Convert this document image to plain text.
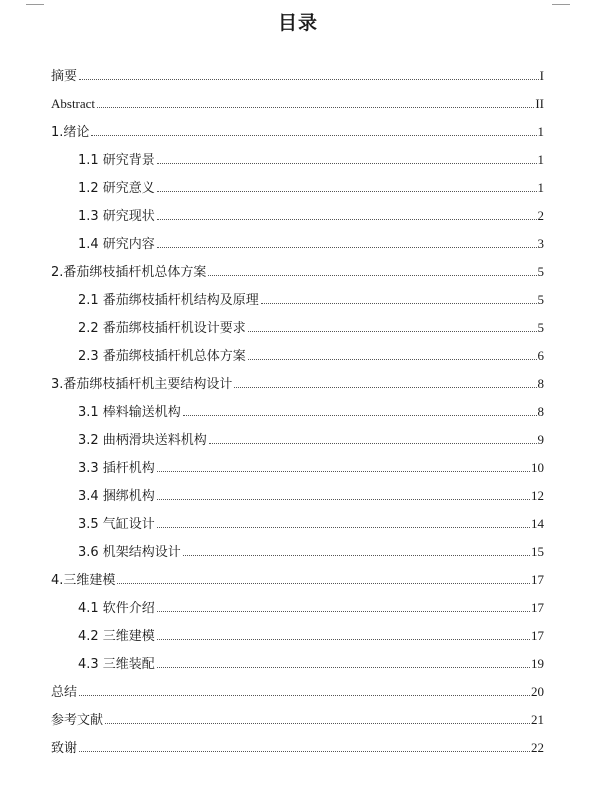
目录
摘要	I
Abstract	II
1.绪论	1
1.1 研究背景	1
1.2 研究意义	1
1.3 研究现状	2
1.4 研究内容	3
2.番茄绑枝插杆机总体方案	5
2.1 番茄绑枝插杆机结构及原理	5
2.2 番茄绑枝插杆机设计要求	5
2.3 番茄绑枝插杆机总体方案	6
3.番茄绑枝插杆机主要结构设计	8
3.1 棒料输送机构	8
3.2 曲柄滑块送料机构	9
3.3 插杆机构	10
3.4 捆绑机构	12
3.5 气缸设计	14
3.6 机架结构设计	15
4.三维建模	17
4.1 软件介绍	17
4.2 三维建模	17
4.3 三维装配	19
总结	20
参考文献	21
致谢	22
